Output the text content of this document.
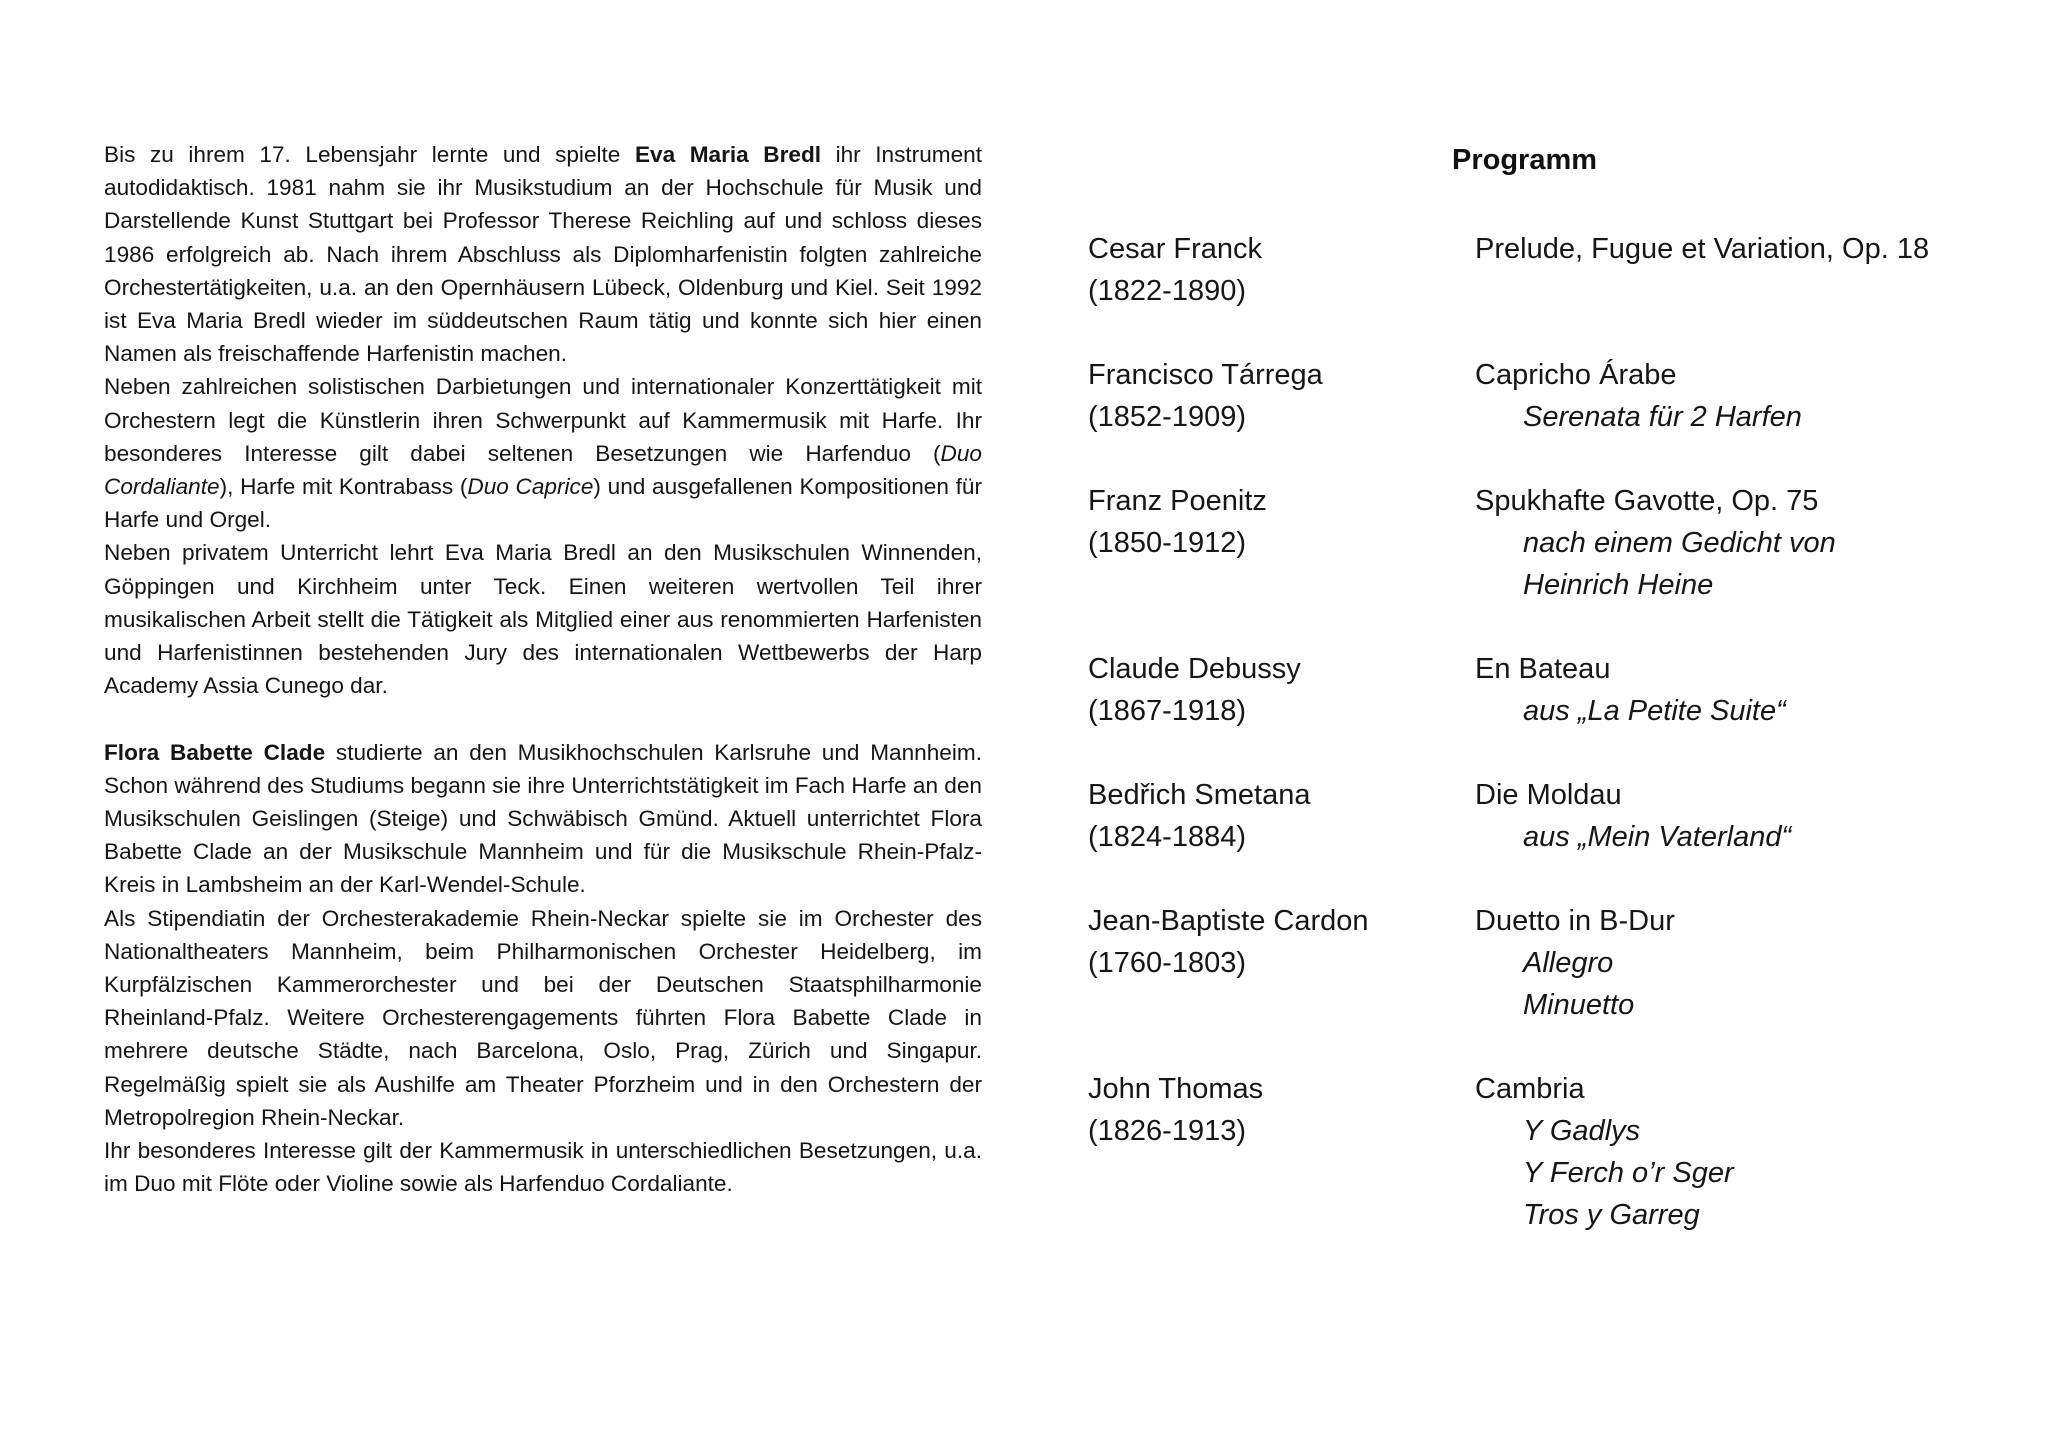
Bis zu ihrem 17. Lebensjahr lernte und spielte Eva Maria Bredl ihr Instrument autodidaktisch. 1981 nahm sie ihr Musikstudium an der Hochschule für Musik und Darstellende Kunst Stuttgart bei Professor Therese Reichling auf und schloss dieses 1986 erfolgreich ab. Nach ihrem Abschluss als Diplomharfenistin folgten zahlreiche Orchestertätigkeiten, u.a. an den Opernhäusern Lübeck, Oldenburg und Kiel. Seit 1992 ist Eva Maria Bredl wieder im süddeutschen Raum tätig und konnte sich hier einen Namen als freischaffende Harfenistin machen.

Neben zahlreichen solistischen Darbietungen und internationaler Konzerttätigkeit mit Orchestern legt die Künstlerin ihren Schwerpunkt auf Kammermusik mit Harfe. Ihr besonderes Interesse gilt dabei seltenen Besetzungen wie Harfenduo (Duo Cordaliante), Harfe mit Kontrabass (Duo Caprice) und ausgefallenen Kompositionen für Harfe und Orgel.

Neben privatem Unterricht lehrt Eva Maria Bredl an den Musikschulen Winnenden, Göppingen und Kirchheim unter Teck. Einen weiteren wertvollen Teil ihrer musikalischen Arbeit stellt die Tätigkeit als Mitglied einer aus renommierten Harfenisten und Harfenistinnen bestehenden Jury des internationalen Wettbewerbs der Harp Academy Assia Cunego dar.

Flora Babette Clade studierte an den Musikhochschulen Karlsruhe und Mannheim. Schon während des Studiums begann sie ihre Unterrichtstätigkeit im Fach Harfe an den Musikschulen Geislingen (Steige) und Schwäbisch Gmünd. Aktuell unterrichtet Flora Babette Clade an der Musikschule Mannheim und für die Musikschule Rhein-Pfalz-Kreis in Lambsheim an der Karl-Wendel-Schule.

Als Stipendiatin der Orchesterakademie Rhein-Neckar spielte sie im Orchester des Nationaltheaters Mannheim, beim Philharmonischen Orchester Heidelberg, im Kurpfälzischen Kammerorchester und bei der Deutschen Staatsphilharmonie Rheinland-Pfalz. Weitere Orchesterengagements führten Flora Babette Clade in mehrere deutsche Städte, nach Barcelona, Oslo, Prag, Zürich und Singapur. Regelmäßig spielt sie als Aushilfe am Theater Pforzheim und in den Orchestern der Metropolregion Rhein-Neckar.

Ihr besonderes Interesse gilt der Kammermusik in unterschiedlichen Besetzungen, u.a. im Duo mit Flöte oder Violine sowie als Harfenduo Cordaliante.

Programm
Cesar Franck
(1822-1890)
Prelude, Fugue et Variation, Op. 18
Francisco Tárrega
(1852-1909)
Capricho Árabe
Serenata für 2 Harfen
Franz Poenitz
(1850-1912)
Spukhafte Gavotte, Op. 75
nach einem Gedicht von
Heinrich Heine
Claude Debussy
(1867-1918)
En Bateau
aus „La Petite Suite“
Bedřich Smetana
(1824-1884)
Die Moldau
aus „Mein Vaterland“
Jean-Baptiste Cardon
(1760-1803)
Duetto in B-Dur
Allegro
Minuetto
John Thomas
(1826-1913)
Cambria
Y Gadlys
Y Ferch o’r Sger
Tros y Garreg
